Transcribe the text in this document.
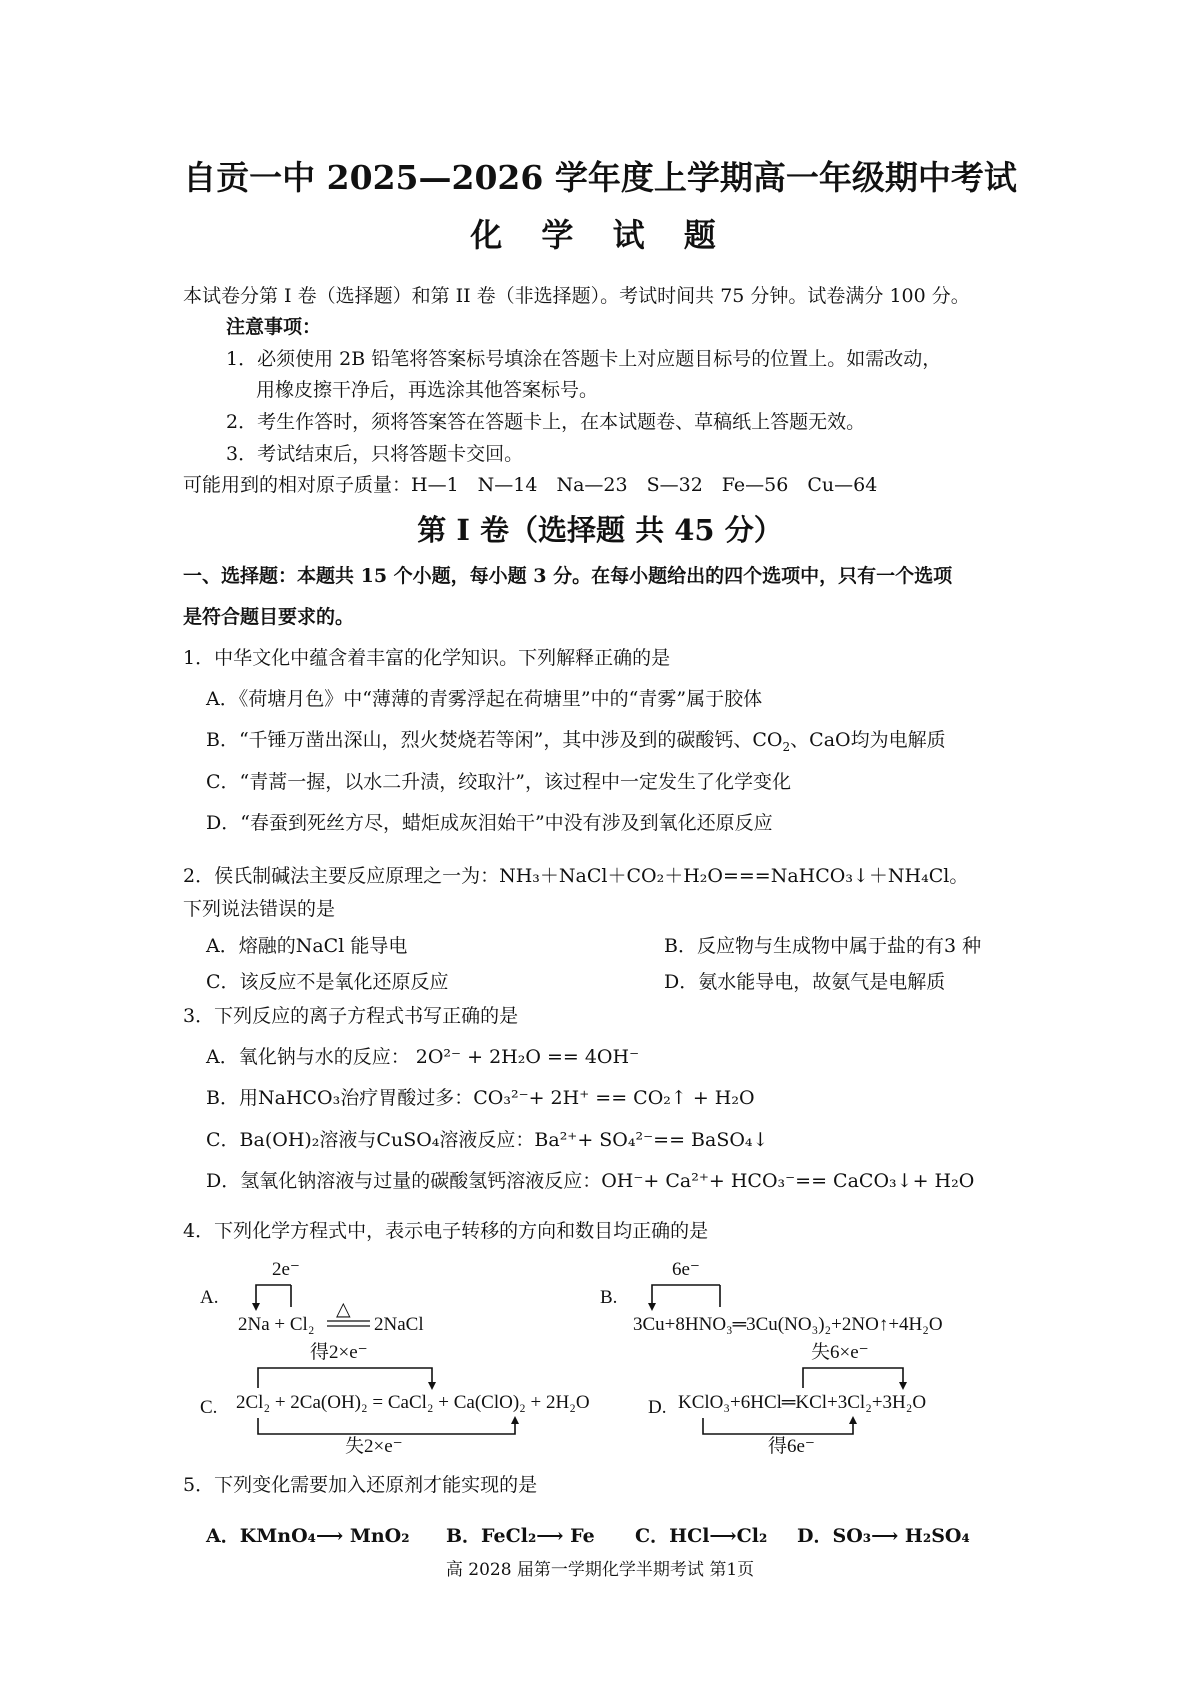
自贡一中 2025—2026 学年度上学期高一年级期中考试
化 学 试 题
本试卷分第 I 卷（选择题）和第 II 卷（非选择题）。考试时间共 75 分钟。试卷满分 100 分。
注意事项：
1．必须使用 2B 铅笔将答案标号填涂在答题卡上对应题目标号的位置上。如需改动，
用橡皮擦干净后，再选涂其他答案标号。
2．考生作答时，须将答案答在答题卡上，在本试题卷、草稿纸上答题无效。
3．考试结束后，只将答题卡交回。
可能用到的相对原子质量：H—1　N—14　Na—23　S—32　Fe—56　Cu—64
第 I 卷（选择题 共 45 分）
一、选择题：本题共 15 个小题，每小题 3 分。在每小题给出的四个选项中，只有一个选项
是符合题目要求的。
1．中华文化中蕴含着丰富的化学知识。下列解释正确的是
A．《荷塘月色》中“薄薄的青雾浮起在荷塘里”中的“青雾”属于胶体
B．“千锤万凿出深山，烈火焚烧若等闲”，其中涉及到的碳酸钙、$CO_2$、CaO均为电解质
C．“青蒿一握，以水二升渍，绞取汁”，该过程中一定发生了化学变化
D．“春蚕到死丝方尽，蜡炬成灰泪始干”中没有涉及到氧化还原反应
2．侯氏制碱法主要反应原理之一为：NH₃＋NaCl＋CO₂＋H₂O===NaHCO₃↓＋NH₄Cl。
下列说法错误的是
A．熔融的NaCl 能导电	B．反应物与生成物中属于盐的有3 种
C．该反应不是氧化还原反应	D．氨水能导电，故氨气是电解质
3．下列反应的离子方程式书写正确的是
A．氧化钠与水的反应： 2O²⁻ + 2H₂O == 4OH⁻
B．用NaHCO₃治疗胃酸过多：CO₃²⁻+ 2H⁺ == CO₂↑ + H₂O
C．Ba(OH)₂溶液与CuSO₄溶液反应：Ba²⁺+ SO₄²⁻== BaSO₄↓
D．氢氧化钠溶液与过量的碳酸氢钙溶液反应：OH⁻+ Ca²⁺+ HCO₃⁻== CaCO₃↓+ H₂O
4．下列化学方程式中，表示电子转移的方向和数目均正确的是
A.
2e⁻
△
2Na + Cl₂	2NaCl
B.
6e⁻
3Cu+8HNO₃═3Cu(NO₃)₂+2NO↑+4H₂O
得2×e⁻
C. 2Cl₂ + 2Ca(OH)₂ = CaCl₂ + Ca(ClO)₂ + 2H₂O
失2×e⁻
失6×e⁻
D. KClO₃+6HCl═KCl+3Cl₂+3H₂O
得6e⁻
5．下列变化需要加入还原剂才能实现的是
A．KMnO₄⟶ MnO₂ B．FeCl₂⟶ Fe C．HCl⟶Cl₂ D．SO₃⟶ H₂SO₄
高 2028 届第一学期化学半期考试 第1页
